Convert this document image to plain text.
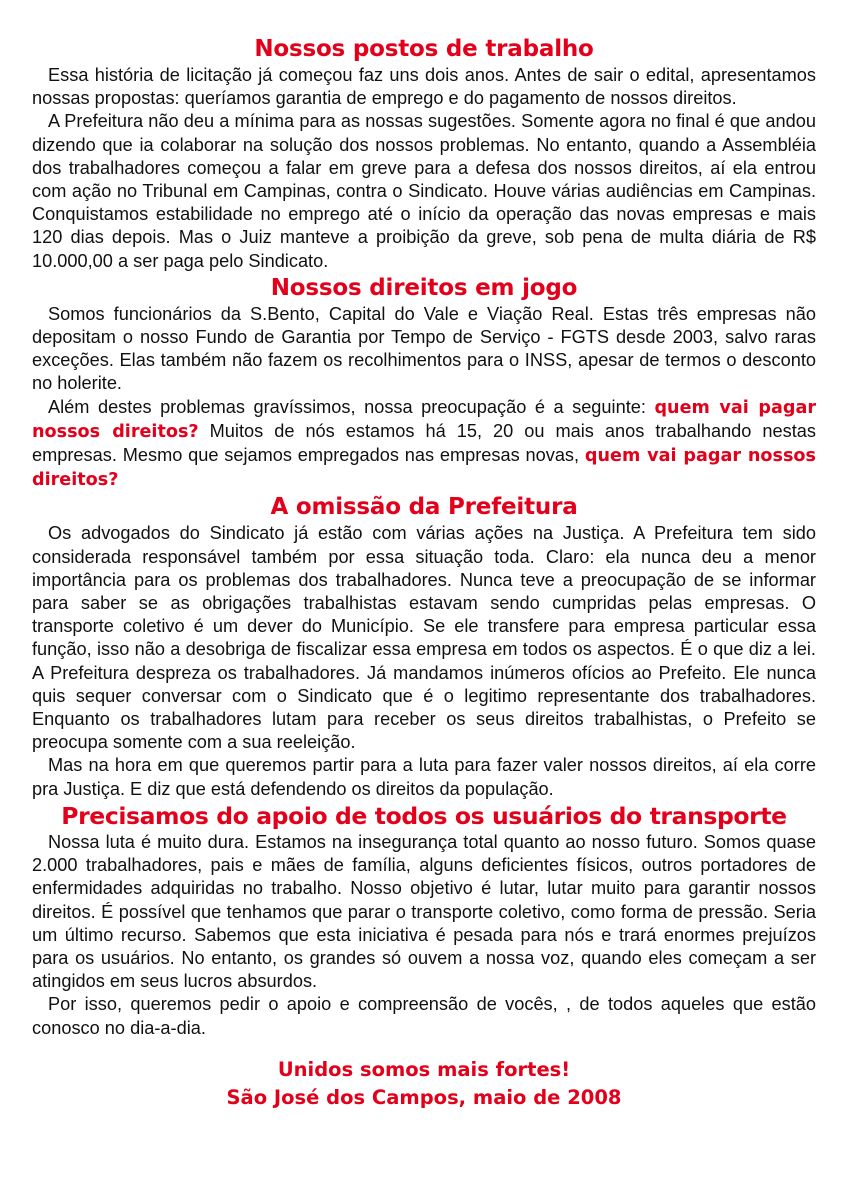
Nossos postos de trabalho

Essa história de licitação já começou faz uns dois anos. Antes de sair o edital, apresentamos nossas propostas: queríamos garantia de emprego e do pagamento de nossos direitos.

A Prefeitura não deu a mínima para as nossas sugestões. Somente agora no final é que andou dizendo que ia colaborar na solução dos nossos problemas. No entanto, quando a Assembléia dos trabalhadores começou a falar em greve para a defesa dos nossos direitos, aí ela entrou com ação no Tribunal em Campinas, contra o Sindicato. Houve várias audiências em Campinas. Conquistamos estabilidade no emprego até o início da operação das novas empresas e mais 120 dias depois. Mas o Juiz manteve a proibição da greve, sob pena de multa diária de R$ 10.000,00 a ser paga pelo Sindicato.

Nossos direitos em jogo

Somos funcionários da S.Bento, Capital do Vale e Viação Real. Estas três empresas não depositam o nosso Fundo de Garantia por Tempo de Serviço - FGTS desde 2003, salvo raras exceções. Elas também não fazem os recolhimentos para o INSS, apesar de termos o desconto no holerite.

Além destes problemas gravíssimos, nossa preocupação é a seguinte: quem vai pagar nossos direitos? Muitos de nós estamos há 15, 20 ou mais anos trabalhando nestas empresas. Mesmo que sejamos empregados nas empresas novas, quem vai pagar nossos direitos?

A omissão da Prefeitura

Os advogados do Sindicato já estão com várias ações na Justiça. A Prefeitura tem sido considerada responsável também por essa situação toda. Claro: ela nunca deu a menor importância para os problemas dos trabalhadores. Nunca teve a preocupação de se informar para saber se as obrigações trabalhistas estavam sendo cumpridas pelas empresas. O transporte coletivo é um dever do Município. Se ele transfere para empresa particular essa função, isso não a desobriga de fiscalizar essa empresa em todos os aspectos. É o que diz a lei. A Prefeitura despreza os trabalhadores. Já mandamos inúmeros ofícios ao Prefeito. Ele nunca quis sequer conversar com o Sindicato que é o legitimo representante dos trabalhadores. Enquanto os trabalhadores lutam para receber os seus direitos trabalhistas, o Prefeito se preocupa somente com a sua reeleição.

Mas na hora em que queremos partir para a luta para fazer valer nossos direitos, aí ela corre pra Justiça. E diz que está defendendo os direitos da população.

Precisamos do apoio de todos os usuários do transporte

Nossa luta é muito dura. Estamos na insegurança total quanto ao nosso futuro. Somos quase 2.000 trabalhadores, pais e mães de família, alguns deficientes físicos, outros portadores de enfermidades adquiridas no trabalho. Nosso objetivo é lutar, lutar muito para garantir nossos direitos. É possível que tenhamos que parar o transporte coletivo, como forma de pressão. Seria um último recurso. Sabemos que esta iniciativa é pesada para nós e trará enormes prejuízos para os usuários. No entanto, os grandes só ouvem a nossa voz, quando eles começam a ser atingidos em seus lucros absurdos.

Por isso, queremos pedir o apoio e compreensão de vocês, , de todos aqueles que estão conosco no dia-a-dia.

Unidos somos mais fortes!
São José dos Campos, maio de 2008
